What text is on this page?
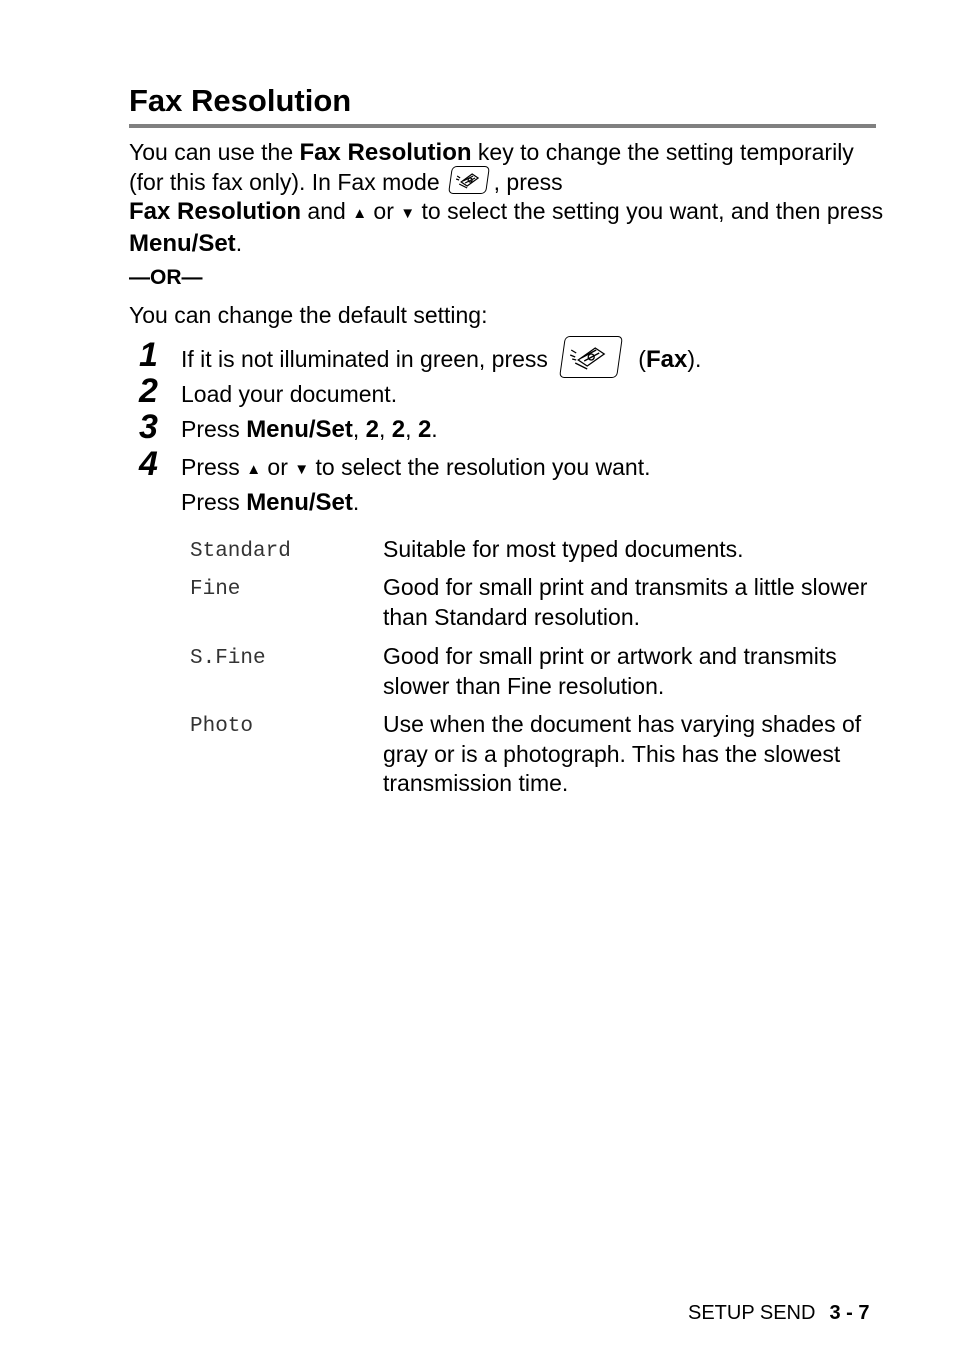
Fax Resolution

You can use the Fax Resolution key to change the setting temporarily (for this fax only). In Fax mode , press
Fax Resolution and ▲ or ▼ to select the setting you want, and then press Menu/Set.

—OR—

You can change the default setting:

1 If it is not illuminated in green, press	(Fax).
2 Load your document.
3 Press Menu/Set, 2, 2, 2.
4 Press ▲ or ▼ to select the resolution you want.
Press Menu/Set.
Standard	Suitable for most typed documents.
Fine	Good for small print and transmits a little slower than Standard resolution.
S.Fine	Good for small print or artwork and transmits slower than Fine resolution.
Photo	Use when the document has varying shades of gray or is a photograph. This has the slowest transmission time.
SETUP SEND 3 - 7
